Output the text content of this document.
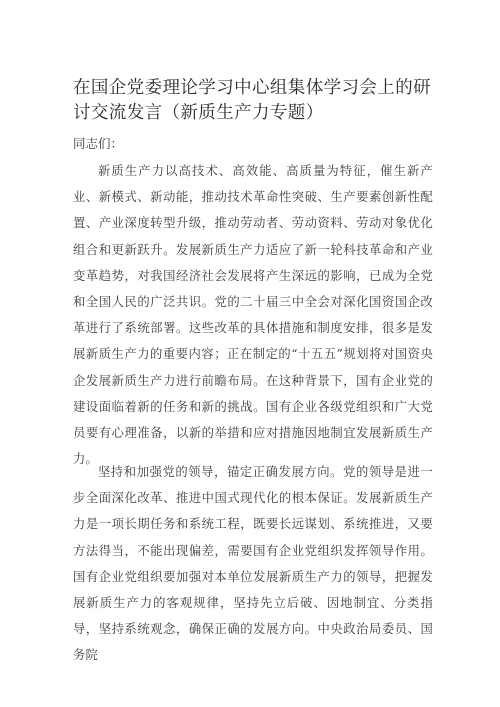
在国企党委理论学习中心组集体学习会上的研讨交流发言（新质生产力专题）

同志们：

新质生产力以高技术、高效能、高质量为特征，催生新产业、新模式、新动能，推动技术革命性突破、生产要素创新性配置、产业深度转型升级，推动劳动者、劳动资料、劳动对象优化组合和更新跃升。发展新质生产力适应了新一轮科技革命和产业变革趋势，对我国经济社会发展将产生深远的影响，已成为全党和全国人民的广泛共识。党的二十届三中全会对深化国资国企改革进行了系统部署。这些改革的具体措施和制度安排，很多是发展新质生产力的重要内容；正在制定的“十五五”规划将对国资央企发展新质生产力进行前瞻布局。在这种背景下，国有企业党的建设面临着新的任务和新的挑战。国有企业各级党组织和广大党员要有心理准备，以新的举措和应对措施因地制宜发展新质生产力。

坚持和加强党的领导，锚定正确发展方向。党的领导是进一步全面深化改革、推进中国式现代化的根本保证。发展新质生产力是一项长期任务和系统工程，既要长远谋划、系统推进，又要方法得当，不能出现偏差，需要国有企业党组织发挥领导作用。国有企业党组织要加强对本单位发展新质生产力的领导，把握发展新质生产力的客观规律，坚持先立后破、因地制宜、分类指导，坚持系统观念，确保正确的发展方向。中央政治局委员、国务院
